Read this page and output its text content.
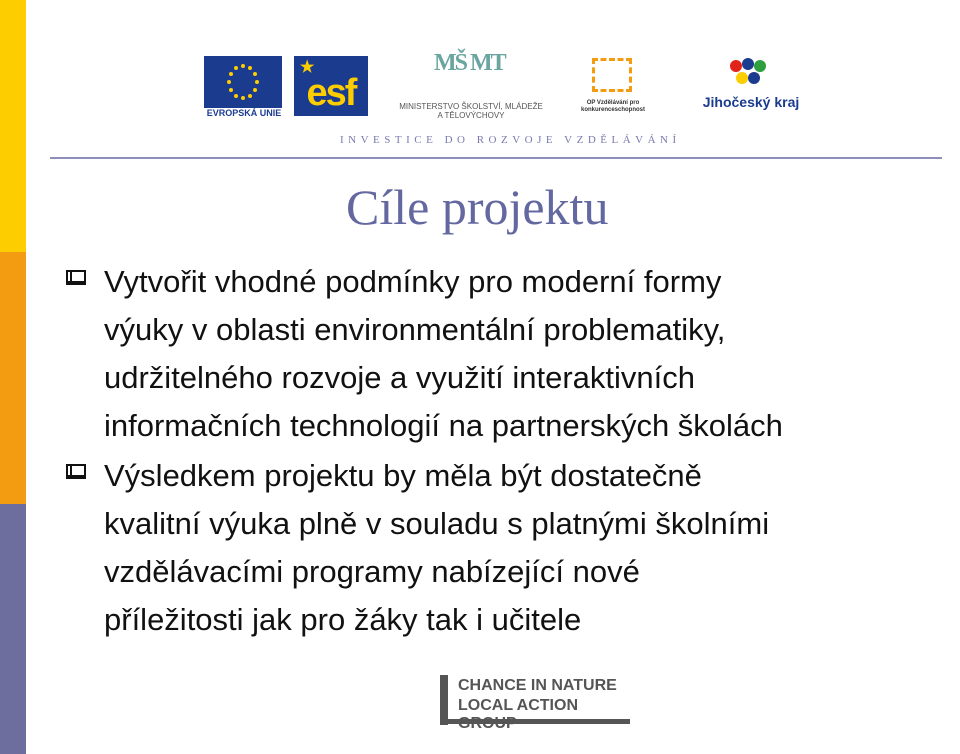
EVROPSKÁ UNIE
★
esf
MŠ MT
MINISTERSTVO ŠKOLSTVÍ, MLÁDEŽE A TĚLOVÝCHOVY
OP Vzdělávání pro konkurenceschopnost	Jihočeský kraj
INVESTICE DO ROZVOJE VZDĚLÁVÁNÍ
Cíle projektu
Vytvořit vhodné podmínky pro moderní formy
výuky v oblasti environmentální problematiky,
udržitelného rozvoje a využití interaktivních
informačních technologií na partnerských školách
Výsledkem projektu by měla být dostatečně
kvalitní výuka plně v souladu s platnými školními
vzdělávacími programy nabízející nové
příležitosti jak pro žáky tak i učitele
CHANCE IN NATURE
LOCAL ACTION GROUP
